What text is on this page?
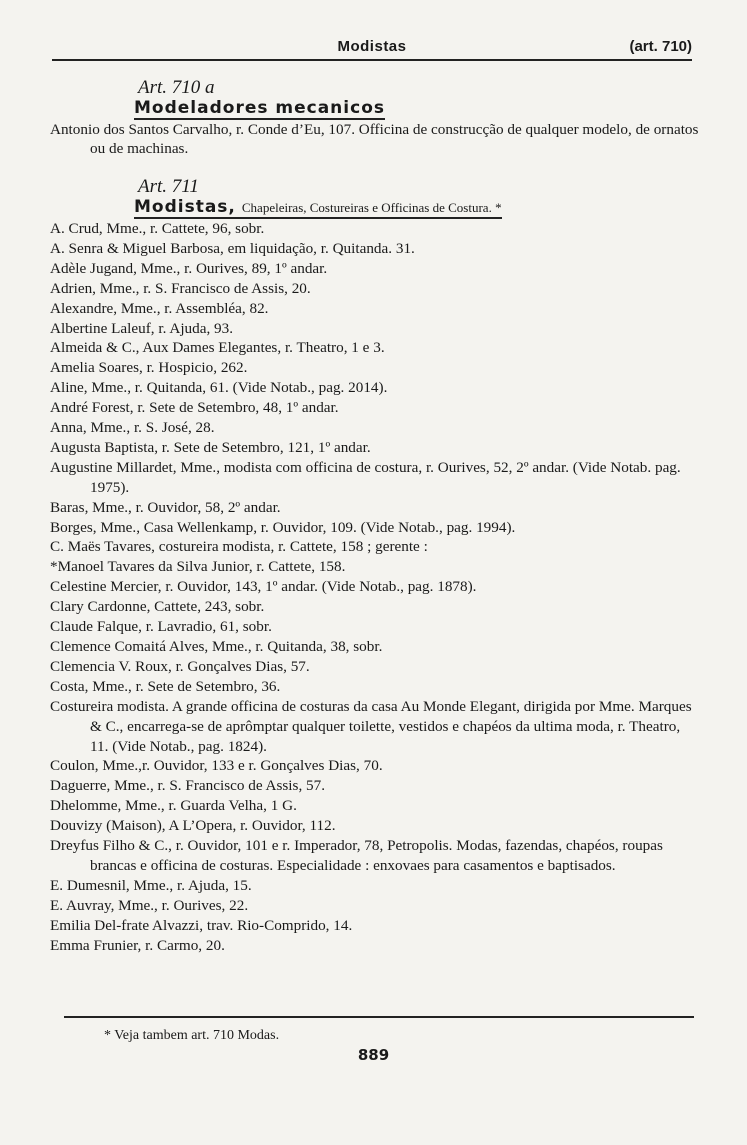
Modistas	(art. 710)
Art. 710 a
Modeladores mecanicos

Antonio dos Santos Carvalho, r. Conde d’Eu, 107. Officina de construcção de qualquer modelo, de ornatos ou de machinas.

Art. 711
Modistas, Chapeleiras, Costureiras e Officinas de Costura. *

A. Crud, Mme., r. Cattete, 96, sobr.

A. Senra & Miguel Barbosa, em liquidação, r. Quitanda. 31.

Adèle Jugand, Mme., r. Ourives, 89, 1º andar.

Adrien, Mme., r. S. Francisco de Assis, 20.

Alexandre, Mme., r. Assembléa, 82.

Albertine Laleuf, r. Ajuda, 93.

Almeida & C., Aux Dames Elegantes, r. Theatro, 1 e 3.

Amelia Soares, r. Hospicio, 262.

Aline, Mme., r. Quitanda, 61. (Vide Notab., pag. 2014).

André Forest, r. Sete de Setembro, 48, 1º andar.

Anna, Mme., r. S. José, 28.

Augusta Baptista, r. Sete de Setembro, 121, 1º andar.

Augustine Millardet, Mme., modista com officina de costura, r. Ourives, 52, 2º andar. (Vide Notab. pag. 1975).

Baras, Mme., r. Ouvidor, 58, 2º andar.

Borges, Mme., Casa Wellenkamp, r. Ouvidor, 109. (Vide Notab., pag. 1994).

C. Maës Tavares, costureira modista, r. Cattete, 158 ; gerente :

*Manoel Tavares da Silva Junior, r. Cattete, 158.

Celestine Mercier, r. Ouvidor, 143, 1º andar. (Vide Notab., pag. 1878).

Clary Cardonne, Cattete, 243, sobr.

Claude Falque, r. Lavradio, 61, sobr.

Clemence Comaitá Alves, Mme., r. Quitanda, 38, sobr.

Clemencia V. Roux, r. Gonçalves Dias, 57.

Costa, Mme., r. Sete de Setembro, 36.

Costureira modista. A grande officina de costuras da casa Au Monde Elegant, dirigida por Mme. Marques & C., encarrega-se de aprômptar qualquer toilette, vestidos e chapéos da ultima moda, r. Theatro, 11. (Vide Notab., pag. 1824).

Coulon, Mme.,r. Ouvidor, 133 e r. Gonçalves Dias, 70.

Daguerre, Mme., r. S. Francisco de Assis, 57.

Dhelomme, Mme., r. Guarda Velha, 1 G.

Douvizy (Maison), A L’Opera, r. Ouvidor, 112.

Dreyfus Filho & C., r. Ouvidor, 101 e r. Imperador, 78, Petropolis. Modas, fazendas, chapéos, roupas brancas e officina de costuras. Especialidade : enxovaes para casamentos e baptisados.

E. Dumesnil, Mme., r. Ajuda, 15.

E. Auvray, Mme., r. Ourives, 22.

Emilia Del-frate Alvazzi, trav. Rio-Comprido, 14.

Emma Frunier, r. Carmo, 20.

* Veja tambem art. 710 Modas.
889
